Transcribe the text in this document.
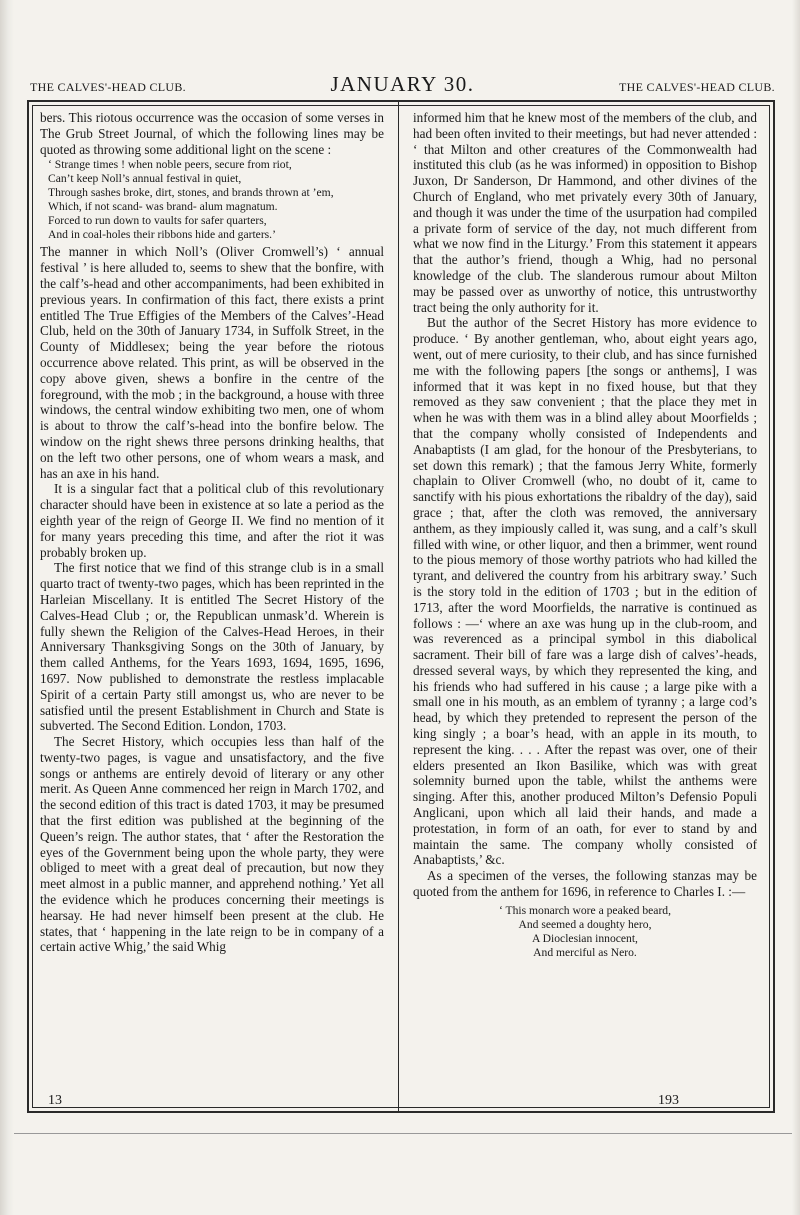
THE CALVES'-HEAD CLUB.	JANUARY 30.	THE CALVES'-HEAD CLUB.

bers. This riotous occurrence was the occasion of some verses in The Grub Street Journal, of which the following lines may be quoted as throwing some additional light on the scene :

‘ Strange times ! when noble peers, secure from riot,
Can’t keep Noll’s annual festival in quiet,
Through sashes broke, dirt, stones, and brands thrown at ’em,
Which, if not scand- was brand- alum magnatum.
Forced to run down to vaults for safer quarters,
And in coal-holes their ribbons hide and garters.’

The manner in which Noll’s (Oliver Cromwell’s) ‘ annual festival ’ is here alluded to, seems to shew that the bonfire, with the calf’s-head and other accompaniments, had been exhibited in previous years. In confirmation of this fact, there exists a print entitled The True Effigies of the Members of the Calves’-Head Club, held on the 30th of January 1734, in Suffolk Street, in the County of Middlesex; being the year before the riotous occurrence above related. This print, as will be observed in the copy above given, shews a bonfire in the centre of the foreground, with the mob ; in the background, a house with three windows, the central window exhibiting two men, one of whom is about to throw the calf’s-head into the bonfire below. The window on the right shews three persons drinking healths, that on the left two other persons, one of whom wears a mask, and has an axe in his hand.

It is a singular fact that a political club of this revolutionary character should have been in existence at so late a period as the eighth year of the reign of George II. We find no mention of it for many years preceding this time, and after the riot it was probably broken up.

The first notice that we find of this strange club is in a small quarto tract of twenty-two pages, which has been reprinted in the Harleian Miscellany. It is entitled The Secret History of the Calves-Head Club ; or, the Republican unmask’d. Wherein is fully shewn the Religion of the Calves-Head Heroes, in their Anniversary Thanksgiving Songs on the 30th of January, by them called Anthems, for the Years 1693, 1694, 1695, 1696, 1697. Now published to demonstrate the restless implacable Spirit of a certain Party still amongst us, who are never to be satisfied until the present Establishment in Church and State is subverted. The Second Edition. London, 1703.

The Secret History, which occupies less than half of the twenty-two pages, is vague and unsatisfactory, and the five songs or anthems are entirely devoid of literary or any other merit. As Queen Anne commenced her reign in March 1702, and the second edition of this tract is dated 1703, it may be presumed that the first edition was published at the beginning of the Queen’s reign. The author states, that ‘ after the Restoration the eyes of the Government being upon the whole party, they were obliged to meet with a great deal of precaution, but now they meet almost in a public manner, and apprehend nothing.’ Yet all the evidence which he produces concerning their meetings is hearsay. He had never himself been present at the club. He states, that ‘ happening in the late reign to be in company of a certain active Whig,’ the said Whig

informed him that he knew most of the members of the club, and had been often invited to their meetings, but had never attended : ‘ that Milton and other creatures of the Commonwealth had instituted this club (as he was informed) in opposition to Bishop Juxon, Dr Sanderson, Dr Hammond, and other divines of the Church of England, who met privately every 30th of January, and though it was under the time of the usurpation had compiled a private form of service of the day, not much different from what we now find in the Liturgy.’ From this statement it appears that the author’s friend, though a Whig, had no personal knowledge of the club. The slanderous rumour about Milton may be passed over as unworthy of notice, this untrustworthy tract being the only authority for it.

But the author of the Secret History has more evidence to produce. ‘ By another gentleman, who, about eight years ago, went, out of mere curiosity, to their club, and has since furnished me with the following papers [the songs or anthems], I was informed that it was kept in no fixed house, but that they removed as they saw convenient ; that the place they met in when he was with them was in a blind alley about Moorfields ; that the company wholly consisted of Independents and Anabaptists (I am glad, for the honour of the Presbyterians, to set down this remark) ; that the famous Jerry White, formerly chaplain to Oliver Cromwell (who, no doubt of it, came to sanctify with his pious exhortations the ribaldry of the day), said grace ; that, after the cloth was removed, the anniversary anthem, as they impiously called it, was sung, and a calf’s skull filled with wine, or other liquor, and then a brimmer, went round to the pious memory of those worthy patriots who had killed the tyrant, and delivered the country from his arbitrary sway.’ Such is the story told in the edition of 1703 ; but in the edition of 1713, after the word Moorfields, the narrative is continued as follows : —‘ where an axe was hung up in the club-room, and was reverenced as a principal symbol in this diabolical sacrament. Their bill of fare was a large dish of calves’-heads, dressed several ways, by which they represented the king, and his friends who had suffered in his cause ; a large pike with a small one in his mouth, as an emblem of tyranny ; a large cod’s head, by which they pretended to represent the person of the king singly ; a boar’s head, with an apple in its mouth, to represent the king. . . . After the repast was over, one of their elders presented an Ikon Basilike, which was with great solemnity burned upon the table, whilst the anthems were singing. After this, another produced Milton’s Defensio Populi Anglicani, upon which all laid their hands, and made a protestation, in form of an oath, for ever to stand by and maintain the same. The company wholly consisted of Anabaptists,’ &c.

As a specimen of the verses, the following stanzas may be quoted from the anthem for 1696, in reference to Charles I. :—

‘ This monarch wore a peaked beard,
And seemed a doughty hero,
A Dioclesian innocent,
And merciful as Nero.
13	193
